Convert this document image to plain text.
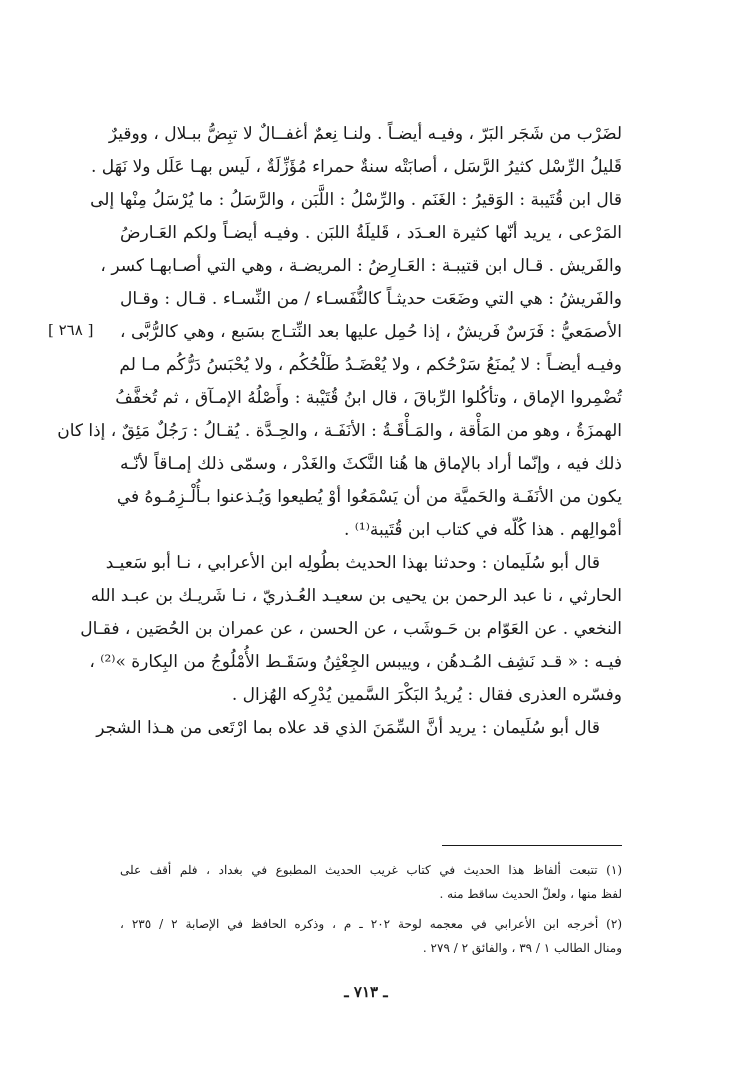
[ ٢٦٨ ]
لضَرْب من شَجَر البَرّ ، وفيـه أيضـاً . ولنـا نِعمٌ أغفــالٌ لا تبِضُّ ببـلال ، ووقيرٌ
قَليلُ الرِّسْل كثيرُ الرَّسَل ، أصابَتْه سنةٌ حمراء مُؤَزِّلَةٌ ، لَيس بهـا عَلَل ولا نَهَل .
قال ابن قُتَيبة : الوَقيرُ : الغَنَم . والرِّسْلُ : اللَّبَن ، والرَّسَلُ : ما يُرْسَلُ مِنْها إلى
المَرْعى ، يريد أنّها كثيرة العـدَد ، قَليلَةُ اللبَن . وفيـه أيضـاً ولكم العَـارضُ
والفَريش . قـال ابن قتيبـة : العَـارِضُ : المريضـة ، وهي التي أصـابهـا كسر ،
والفَريشُ : هي التي وضَعَت حديثـاً كالنُّفَسـاء / من النِّسـاء . قـال : وقـال
الأصمَعيُّ : فَرَسٌ فَريشٌ ، إذا حُمِل عليها بعد النِّتـاج بسَبع ، وهي كالرُّبَّى ،
وفيـه أيضـاً : لا يُمنَعُ سَرْحُكم ، ولا يُعْضَـدُ طَلْحُكُم ، ولا يُحْبَسُ دَرُّكُم مـا لم
تُضْمِروا الإماق ، وتأكُلوا الرِّباقَ ، قال ابنُ قُتَيْبة : وأَصْلُهُ الإمـآق ، ثم تُخفَّفُ
الهمزَةُ ، وهو من المَأْقة ، والمَـأْقَـةُ : الأنَفَـة ، والحِـدَّة . يُقـالُ : رَجُلٌ مَئِقٌ ، إذا كان
ذلك فيه ، وإنّما أراد بالإماق ها هُنا النَّكثَ والغَدْر ، وسمّى ذلك إمـاقاً لأنّـه
يكون من الأنَفَـة والحَميَّة من أن يَسْمَعُوا أوْ يُطيعوا وَيُـذعنوا بـأُلْـزِمُـوهُ في
أمْوالِهم . هذا كُلّه في كتاب ابن قُتَيبة⁽¹⁾ .
قال أبو سُلَيمان : وحدثنا بهذا الحديث بطُولِه ابن الأعرابي ، نـا أبو سَعيـد
الحارثي ، نا عبد الرحمن بن يحيى بن سعيـد العُـذريّ ، نـا شَريـك بن عبـد الله
النخعي . عن العَوّام بن حَـوشَب ، عن الحسن ، عن عمران بن الحُصَين ، فقـال
فيـه : « قـد نَشِف المُـدهُن ، وييبس الجِعْثِنُ وسَقَـط الأُمْلُوجُ من البِكارة »⁽²⁾ ،
وفسّره العذرى فقال : يُريدُ البَكْرَ السَّمين يُدْرِكه الهُزال .
قال أبو سُلَيمان : يريد أنَّ السِّمَنَ الذي قد علاه بما ارْتَعى من هـذا الشجر
(١) تتبعت ألفاظ هذا الحديث في كتاب غريب الحديث المطبوع في بغداد ، فلم أقف على
لفظ منها ، ولعلّ الحديث ساقط منه .
(٢) أخرجه ابن الأعرابي في معجمه لوحة ٢٠٢ ـ م ، وذكره الحافظ في الإصابة ٢ / ٢٣٥ ،
ومنال الطالب ١ / ٣٩ ، والفائق ٢ / ٢٧٩ .
ـ ٧١٣ ـ
